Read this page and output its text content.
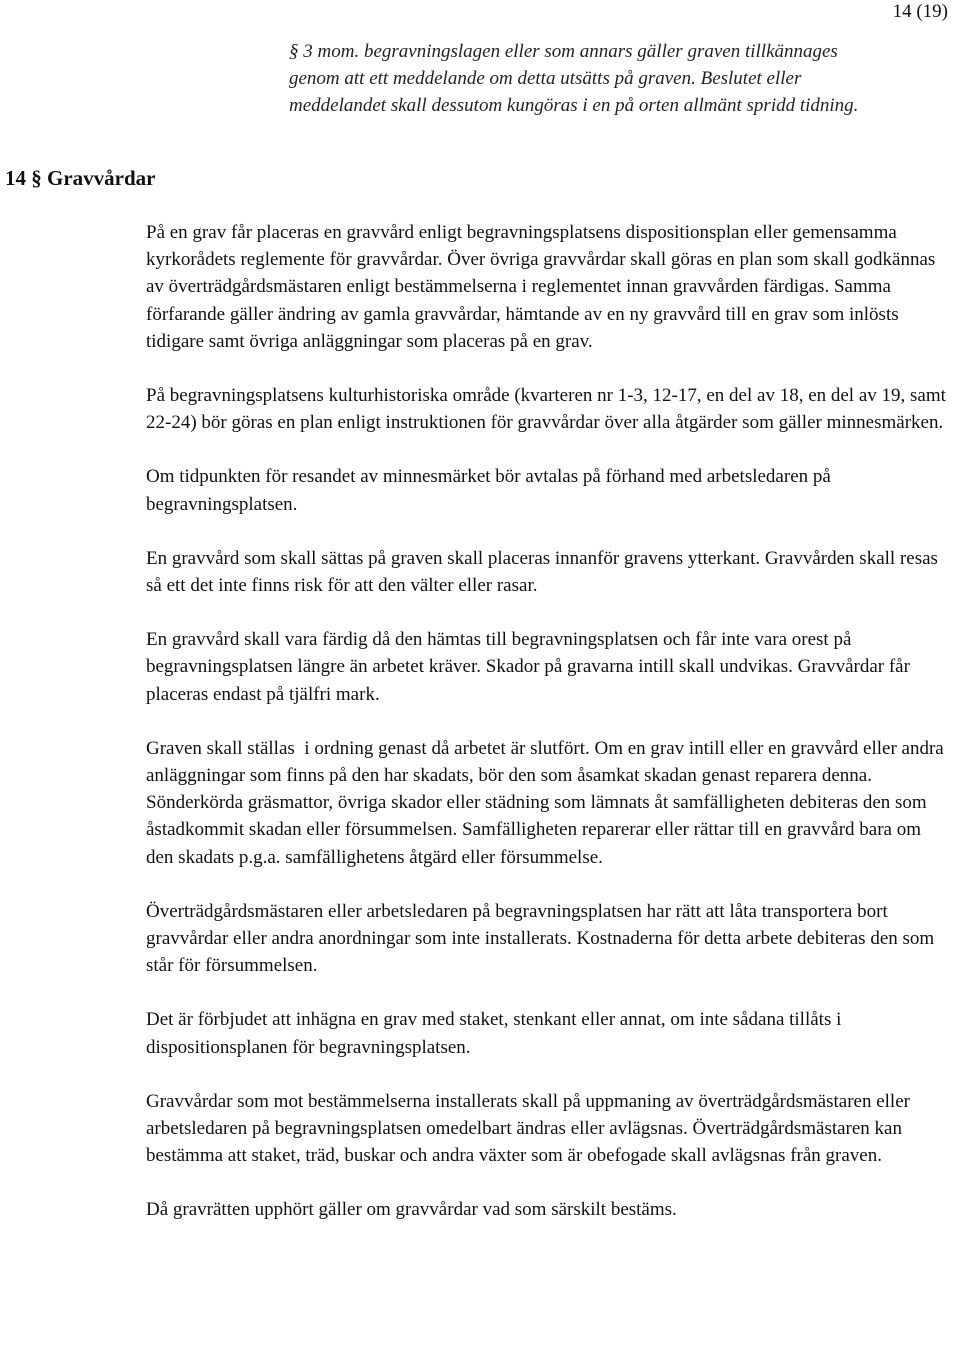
14 (19)

§ 3 mom. begravningslagen eller som annars gäller graven tillkännages

genom att ett meddelande om detta utsätts på graven. Beslutet eller

meddelandet skall dessutom kungöras i en på orten allmänt spridd tidning.

14 § Gravvårdar

På en grav får placeras en gravvård enligt begravningsplatsens dispositionsplan eller gemensamma kyrkorådets reglemente för gravvårdar. Över övriga gravvårdar skall göras en plan som skall godkännas av överträdgårdsmästaren enligt bestämmelserna i reglementet innan gravvården färdigas. Samma förfarande gäller ändring av gamla gravvårdar, hämtande av en ny gravvård till en grav som inlösts tidigare samt övriga anläggningar som placeras på en grav.

På begravningsplatsens kulturhistoriska område (kvarteren nr 1-3, 12-17, en del av 18, en del av 19, samt 22-24) bör göras en plan enligt instruktionen för gravvårdar över alla åtgärder som gäller minnesmärken.

Om tidpunkten för resandet av minnesmärket bör avtalas på förhand med arbetsledaren på begravningsplatsen.

En gravvård som skall sättas på graven skall placeras innanför gravens ytterkant. Gravvården skall resas så ett det inte finns risk för att den välter eller rasar.

En gravvård skall vara färdig då den hämtas till begravningsplatsen och får inte vara orest på begravningsplatsen längre än arbetet kräver. Skador på gravarna intill skall undvikas. Gravvårdar får placeras endast på tjälfri mark.

Graven skall ställas  i ordning genast då arbetet är slutfört. Om en grav intill eller en gravvård eller andra anläggningar som finns på den har skadats, bör den som åsamkat skadan genast reparera denna. Sönderkörda gräsmattor, övriga skador eller städning som lämnats åt samfälligheten debiteras den som åstadkommit skadan eller försummelsen. Samfälligheten reparerar eller rättar till en gravvård bara om den skadats p.g.a. samfällighetens åtgärd eller försummelse.

Överträdgårdsmästaren eller arbetsledaren på begravningsplatsen har rätt att låta transportera bort gravvårdar eller andra anordningar som inte installerats. Kostnaderna för detta arbete debiteras den som står för försummelsen.

Det är förbjudet att inhägna en grav med staket, stenkant eller annat, om inte sådana tillåts i dispositionsplanen för begravningsplatsen.

Gravvårdar som mot bestämmelserna installerats skall på uppmaning av överträdgårdsmästaren eller arbetsledaren på begravningsplatsen omedelbart ändras eller avlägsnas. Överträdgårdsmästaren kan bestämma att staket, träd, buskar och andra växter som är obefogade skall avlägsnas från graven.

Då gravrätten upphört gäller om gravvårdar vad som särskilt bestäms.
